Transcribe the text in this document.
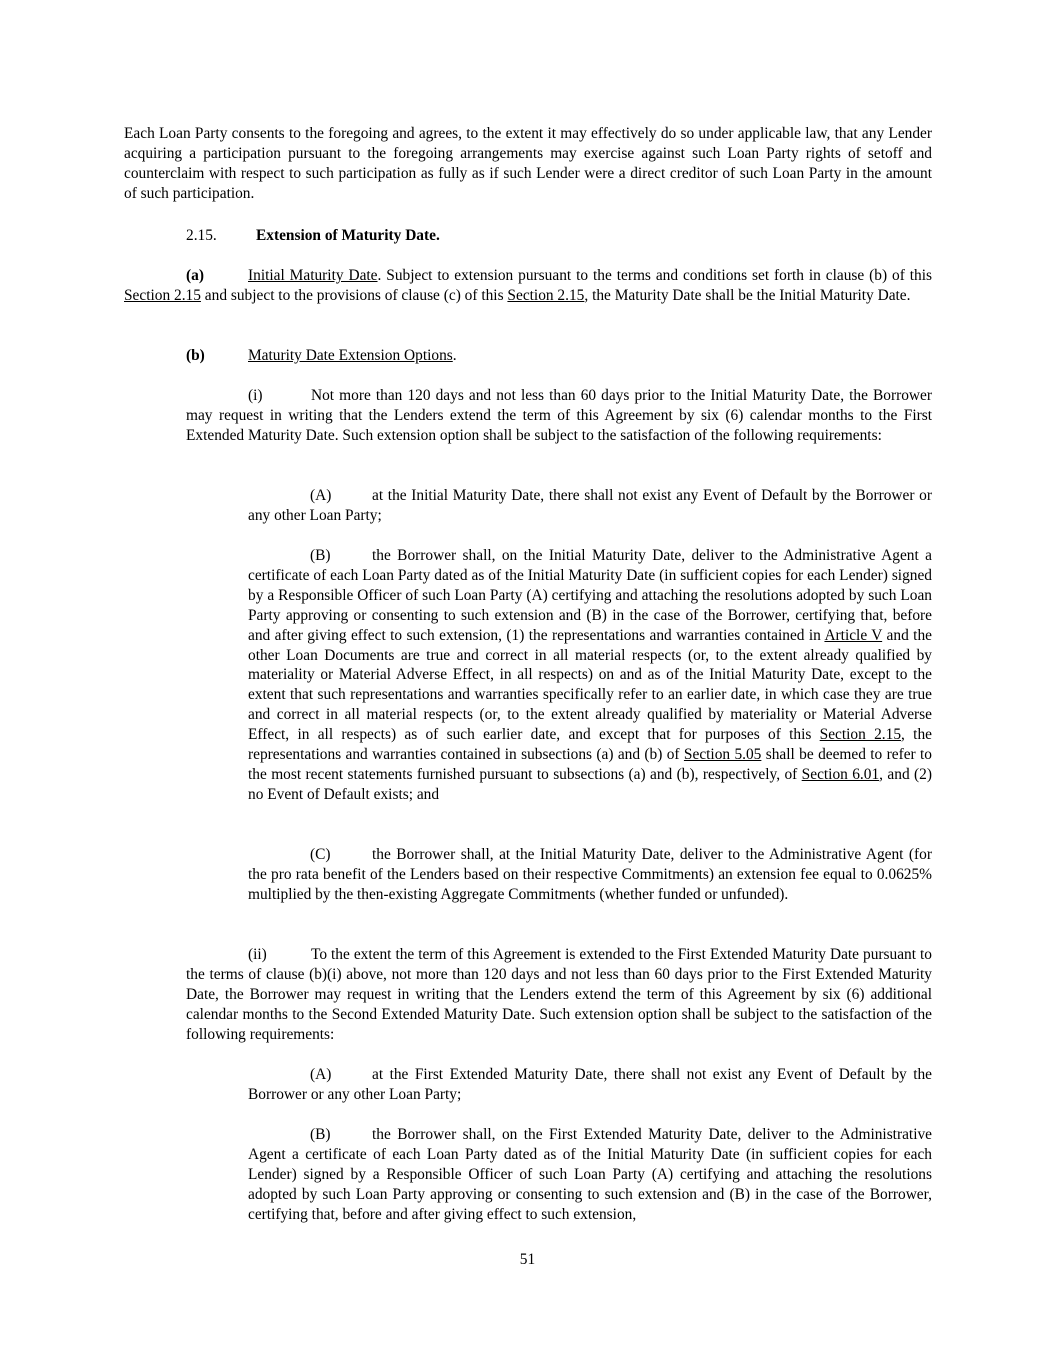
Each Loan Party consents to the foregoing and agrees, to the extent it may effectively do so under applicable law, that any Lender acquiring a participation pursuant to the foregoing arrangements may exercise against such Loan Party rights of setoff and counterclaim with respect to such participation as fully as if such Lender were a direct creditor of such Loan Party in the amount of such participation.

2.15.	Extension of Maturity Date.

(a)	Initial Maturity Date. Subject to extension pursuant to the terms and conditions set forth in clause (b) of this Section 2.15 and subject to the provisions of clause (c) of this Section 2.15, the Maturity Date shall be the Initial Maturity Date.

(b)	Maturity Date Extension Options.

(i)	Not more than 120 days and not less than 60 days prior to the Initial Maturity Date, the Borrower may request in writing that the Lenders extend the term of this Agreement by six (6) calendar months to the First Extended Maturity Date. Such extension option shall be subject to the satisfaction of the following requirements:

(A)	at the Initial Maturity Date, there shall not exist any Event of Default by the Borrower or any other Loan Party;

(B)	the Borrower shall, on the Initial Maturity Date, deliver to the Administrative Agent a certificate of each Loan Party dated as of the Initial Maturity Date (in sufficient copies for each Lender) signed by a Responsible Officer of such Loan Party (A) certifying and attaching the resolutions adopted by such Loan Party approving or consenting to such extension and (B) in the case of the Borrower, certifying that, before and after giving effect to such extension, (1) the representations and warranties contained in Article V and the other Loan Documents are true and correct in all material respects (or, to the extent already qualified by materiality or Material Adverse Effect, in all respects) on and as of the Initial Maturity Date, except to the extent that such representations and warranties specifically refer to an earlier date, in which case they are true and correct in all material respects (or, to the extent already qualified by materiality or Material Adverse Effect, in all respects) as of such earlier date, and except that for purposes of this Section 2.15, the representations and warranties contained in subsections (a) and (b) of Section 5.05 shall be deemed to refer to the most recent statements furnished pursuant to subsections (a) and (b), respectively, of Section 6.01, and (2) no Event of Default exists; and

(C)	the Borrower shall, at the Initial Maturity Date, deliver to the Administrative Agent (for the pro rata benefit of the Lenders based on their respective Commitments) an extension fee equal to 0.0625% multiplied by the then-existing Aggregate Commitments (whether funded or unfunded).

(ii)	To the extent the term of this Agreement is extended to the First Extended Maturity Date pursuant to the terms of clause (b)(i) above, not more than 120 days and not less than 60 days prior to the First Extended Maturity Date, the Borrower may request in writing that the Lenders extend the term of this Agreement by six (6) additional calendar months to the Second Extended Maturity Date. Such extension option shall be subject to the satisfaction of the following requirements:

(A)	at the First Extended Maturity Date, there shall not exist any Event of Default by the Borrower or any other Loan Party;

(B)	the Borrower shall, on the First Extended Maturity Date, deliver to the Administrative Agent a certificate of each Loan Party dated as of the Initial Maturity Date (in sufficient copies for each Lender) signed by a Responsible Officer of such Loan Party (A) certifying and attaching the resolutions adopted by such Loan Party approving or consenting to such extension and (B) in the case of the Borrower, certifying that, before and after giving effect to such extension,

51
